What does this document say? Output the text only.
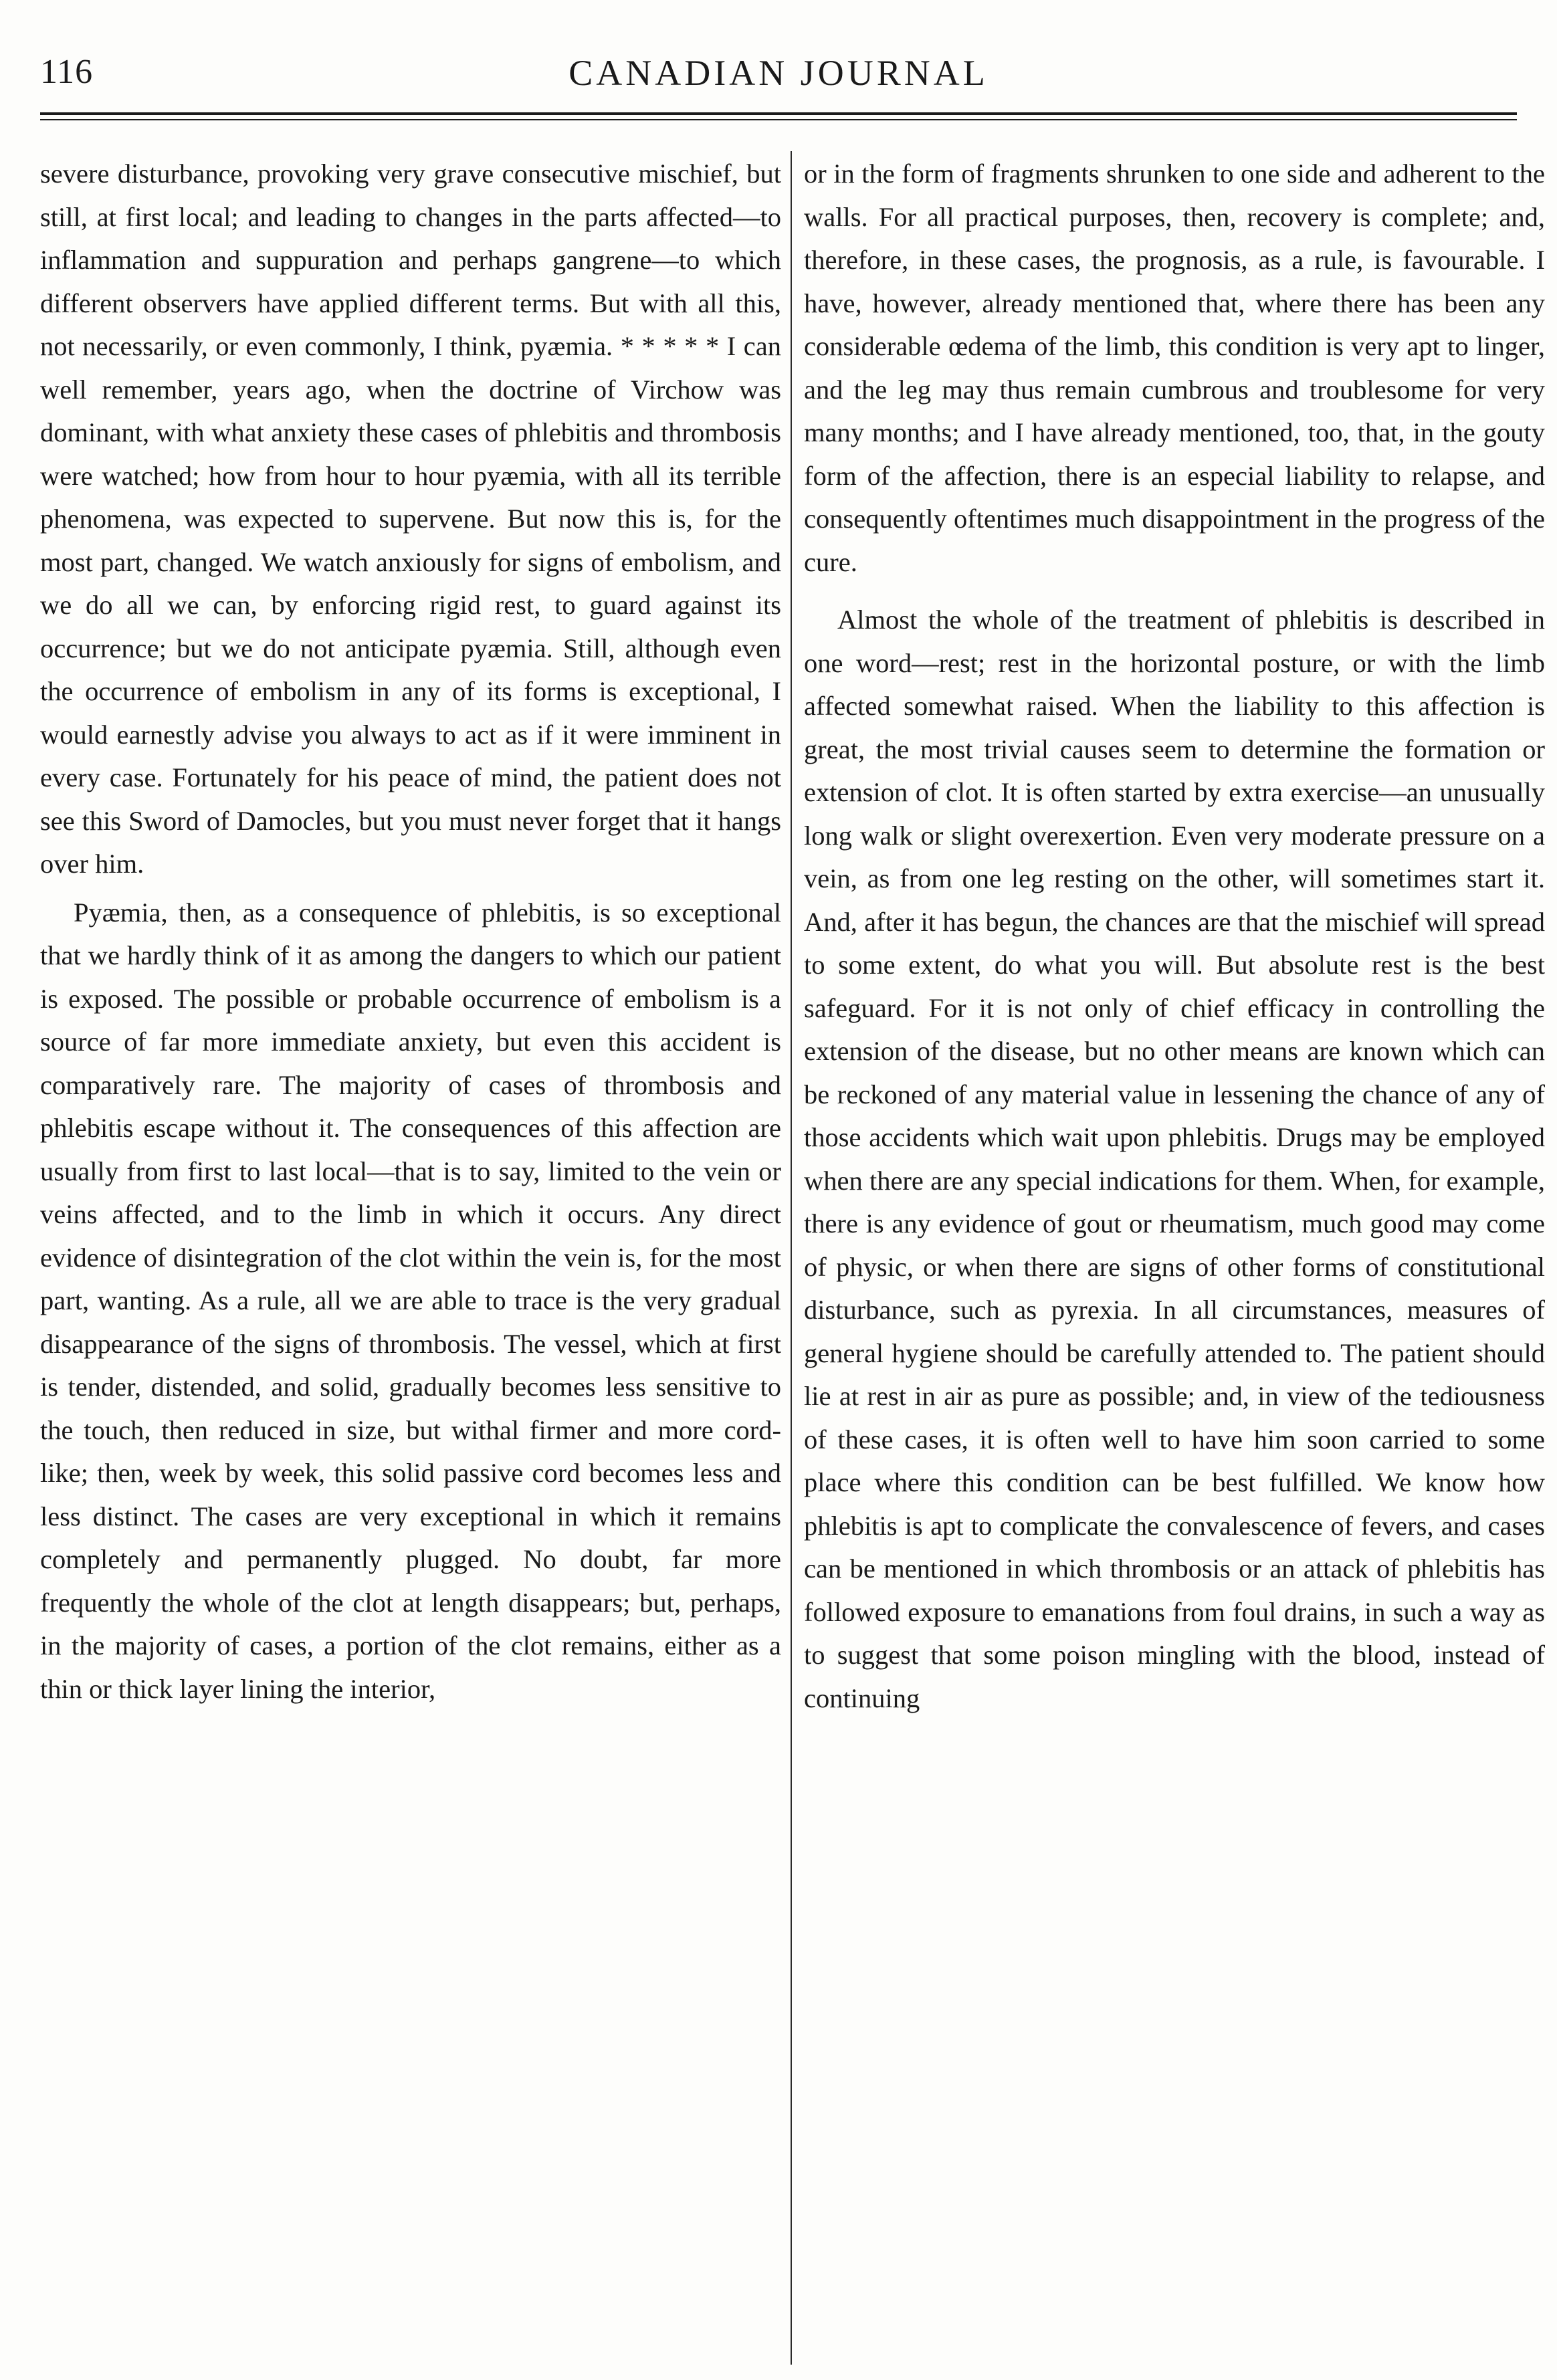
116	CANADIAN JOURNAL

severe disturbance, provoking very grave consecutive mischief, but still, at first local; and leading to changes in the parts affected—to inflammation and suppuration and perhaps gangrene—to which different observers have applied different terms. But with all this, not necessarily, or even commonly, I think, pyæmia. * * * * * I can well remember, years ago, when the doctrine of Virchow was dominant, with what anxiety these cases of phlebitis and thrombosis were watched; how from hour to hour pyæmia, with all its terrible phenomena, was expected to supervene. But now this is, for the most part, changed. We watch anxiously for signs of embolism, and we do all we can, by enforcing rigid rest, to guard against its occurrence; but we do not anticipate pyæmia. Still, although even the occurrence of embolism in any of its forms is exceptional, I would earnestly advise you always to act as if it were imminent in every case. Fortunately for his peace of mind, the patient does not see this Sword of Damocles, but you must never forget that it hangs over him.

Pyæmia, then, as a consequence of phlebitis, is so exceptional that we hardly think of it as among the dangers to which our patient is exposed. The possible or probable occurrence of embolism is a source of far more immediate anxiety, but even this accident is comparatively rare. The majority of cases of thrombosis and phlebitis escape without it. The consequences of this affection are usually from first to last local—that is to say, limited to the vein or veins affected, and to the limb in which it occurs. Any direct evidence of disintegration of the clot within the vein is, for the most part, wanting. As a rule, all we are able to trace is the very gradual disappearance of the signs of thrombosis. The vessel, which at first is tender, distended, and solid, gradually becomes less sensitive to the touch, then reduced in size, but withal firmer and more cord-like; then, week by week, this solid passive cord becomes less and less distinct. The cases are very exceptional in which it remains completely and permanently plugged. No doubt, far more frequently the whole of the clot at length disappears; but, perhaps, in the majority of cases, a portion of the clot remains, either as a thin or thick layer lining the interior,

or in the form of fragments shrunken to one side and adherent to the walls. For all practical purposes, then, recovery is complete; and, therefore, in these cases, the prognosis, as a rule, is favourable. I have, however, already mentioned that, where there has been any considerable œdema of the limb, this condition is very apt to linger, and the leg may thus remain cumbrous and troublesome for very many months; and I have already mentioned, too, that, in the gouty form of the affection, there is an especial liability to relapse, and consequently oftentimes much disappointment in the progress of the cure.

Almost the whole of the treatment of phlebitis is described in one word—rest; rest in the horizontal posture, or with the limb affected somewhat raised. When the liability to this affection is great, the most trivial causes seem to determine the formation or extension of clot. It is often started by extra exercise—an unusually long walk or slight overexertion. Even very moderate pressure on a vein, as from one leg resting on the other, will sometimes start it. And, after it has begun, the chances are that the mischief will spread to some extent, do what you will. But absolute rest is the best safeguard. For it is not only of chief efficacy in controlling the extension of the disease, but no other means are known which can be reckoned of any material value in lessening the chance of any of those accidents which wait upon phlebitis. Drugs may be employed when there are any special indications for them. When, for example, there is any evidence of gout or rheumatism, much good may come of physic, or when there are signs of other forms of constitutional disturbance, such as pyrexia. In all circumstances, measures of general hygiene should be carefully attended to. The patient should lie at rest in air as pure as possible; and, in view of the tediousness of these cases, it is often well to have him soon carried to some place where this condition can be best fulfilled. We know how phlebitis is apt to complicate the convalescence of fevers, and cases can be mentioned in which thrombosis or an attack of phlebitis has followed exposure to emanations from foul drains, in such a way as to suggest that some poison mingling with the blood, instead of continuing
